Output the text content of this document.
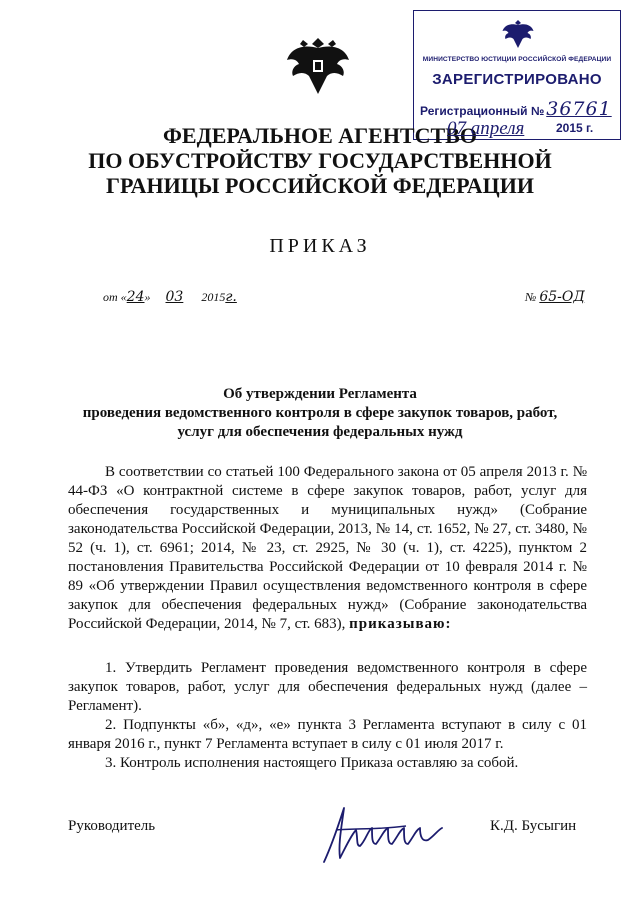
МИНИСТЕРСТВО ЮСТИЦИИ РОССИЙСКОЙ ФЕДЕРАЦИИ
ЗАРЕГИСТРИРОВАНО
Регистрационный № 36761
ФЕДЕРАЛЬНОЕ АГЕНТСТВО
ПО ОБУСТРОЙСТВУ ГОСУДАРСТВЕННОЙ
ГРАНИЦЫ РОССИЙСКОЙ ФЕДЕРАЦИИ
07 апреля	2015 г.
ПРИКАЗ
от «24» 03 2015г.	№ 65-ОД
Об утверждении Регламента
проведения ведомственного контроля в сфере закупок товаров, работ,
услуг для обеспечения федеральных нужд
В соответствии со статьей 100 Федерального закона от 05 апреля 2013 г. № 44-ФЗ «О контрактной системе в сфере закупок товаров, работ, услуг для обеспечения государственных и муниципальных нужд» (Собрание законодательства Российской Федерации, 2013, № 14, ст. 1652, № 27, ст. 3480, № 52 (ч. 1), ст. 6961; 2014, № 23, ст. 2925, № 30 (ч. 1), ст. 4225), пунктом 2 постановления Правительства Российской Федерации от 10 февраля 2014 г. № 89 «Об утверждении Правил осуществления ведомственного контроля в сфере закупок для обеспечения федеральных нужд» (Собрание законодательства Российской Федерации, 2014, № 7, ст. 683), приказываю:

1. Утвердить Регламент проведения ведомственного контроля в сфере закупок товаров, работ, услуг для обеспечения федеральных нужд (далее – Регламент).

2. Подпункты «б», «д», «е» пункта 3 Регламента вступают в силу с 01 января 2016 г., пункт 7 Регламента вступает в силу с 01 июля 2017 г.

3. Контроль исполнения настоящего Приказа оставляю за собой.

Руководитель	К.Д. Бусыгин
